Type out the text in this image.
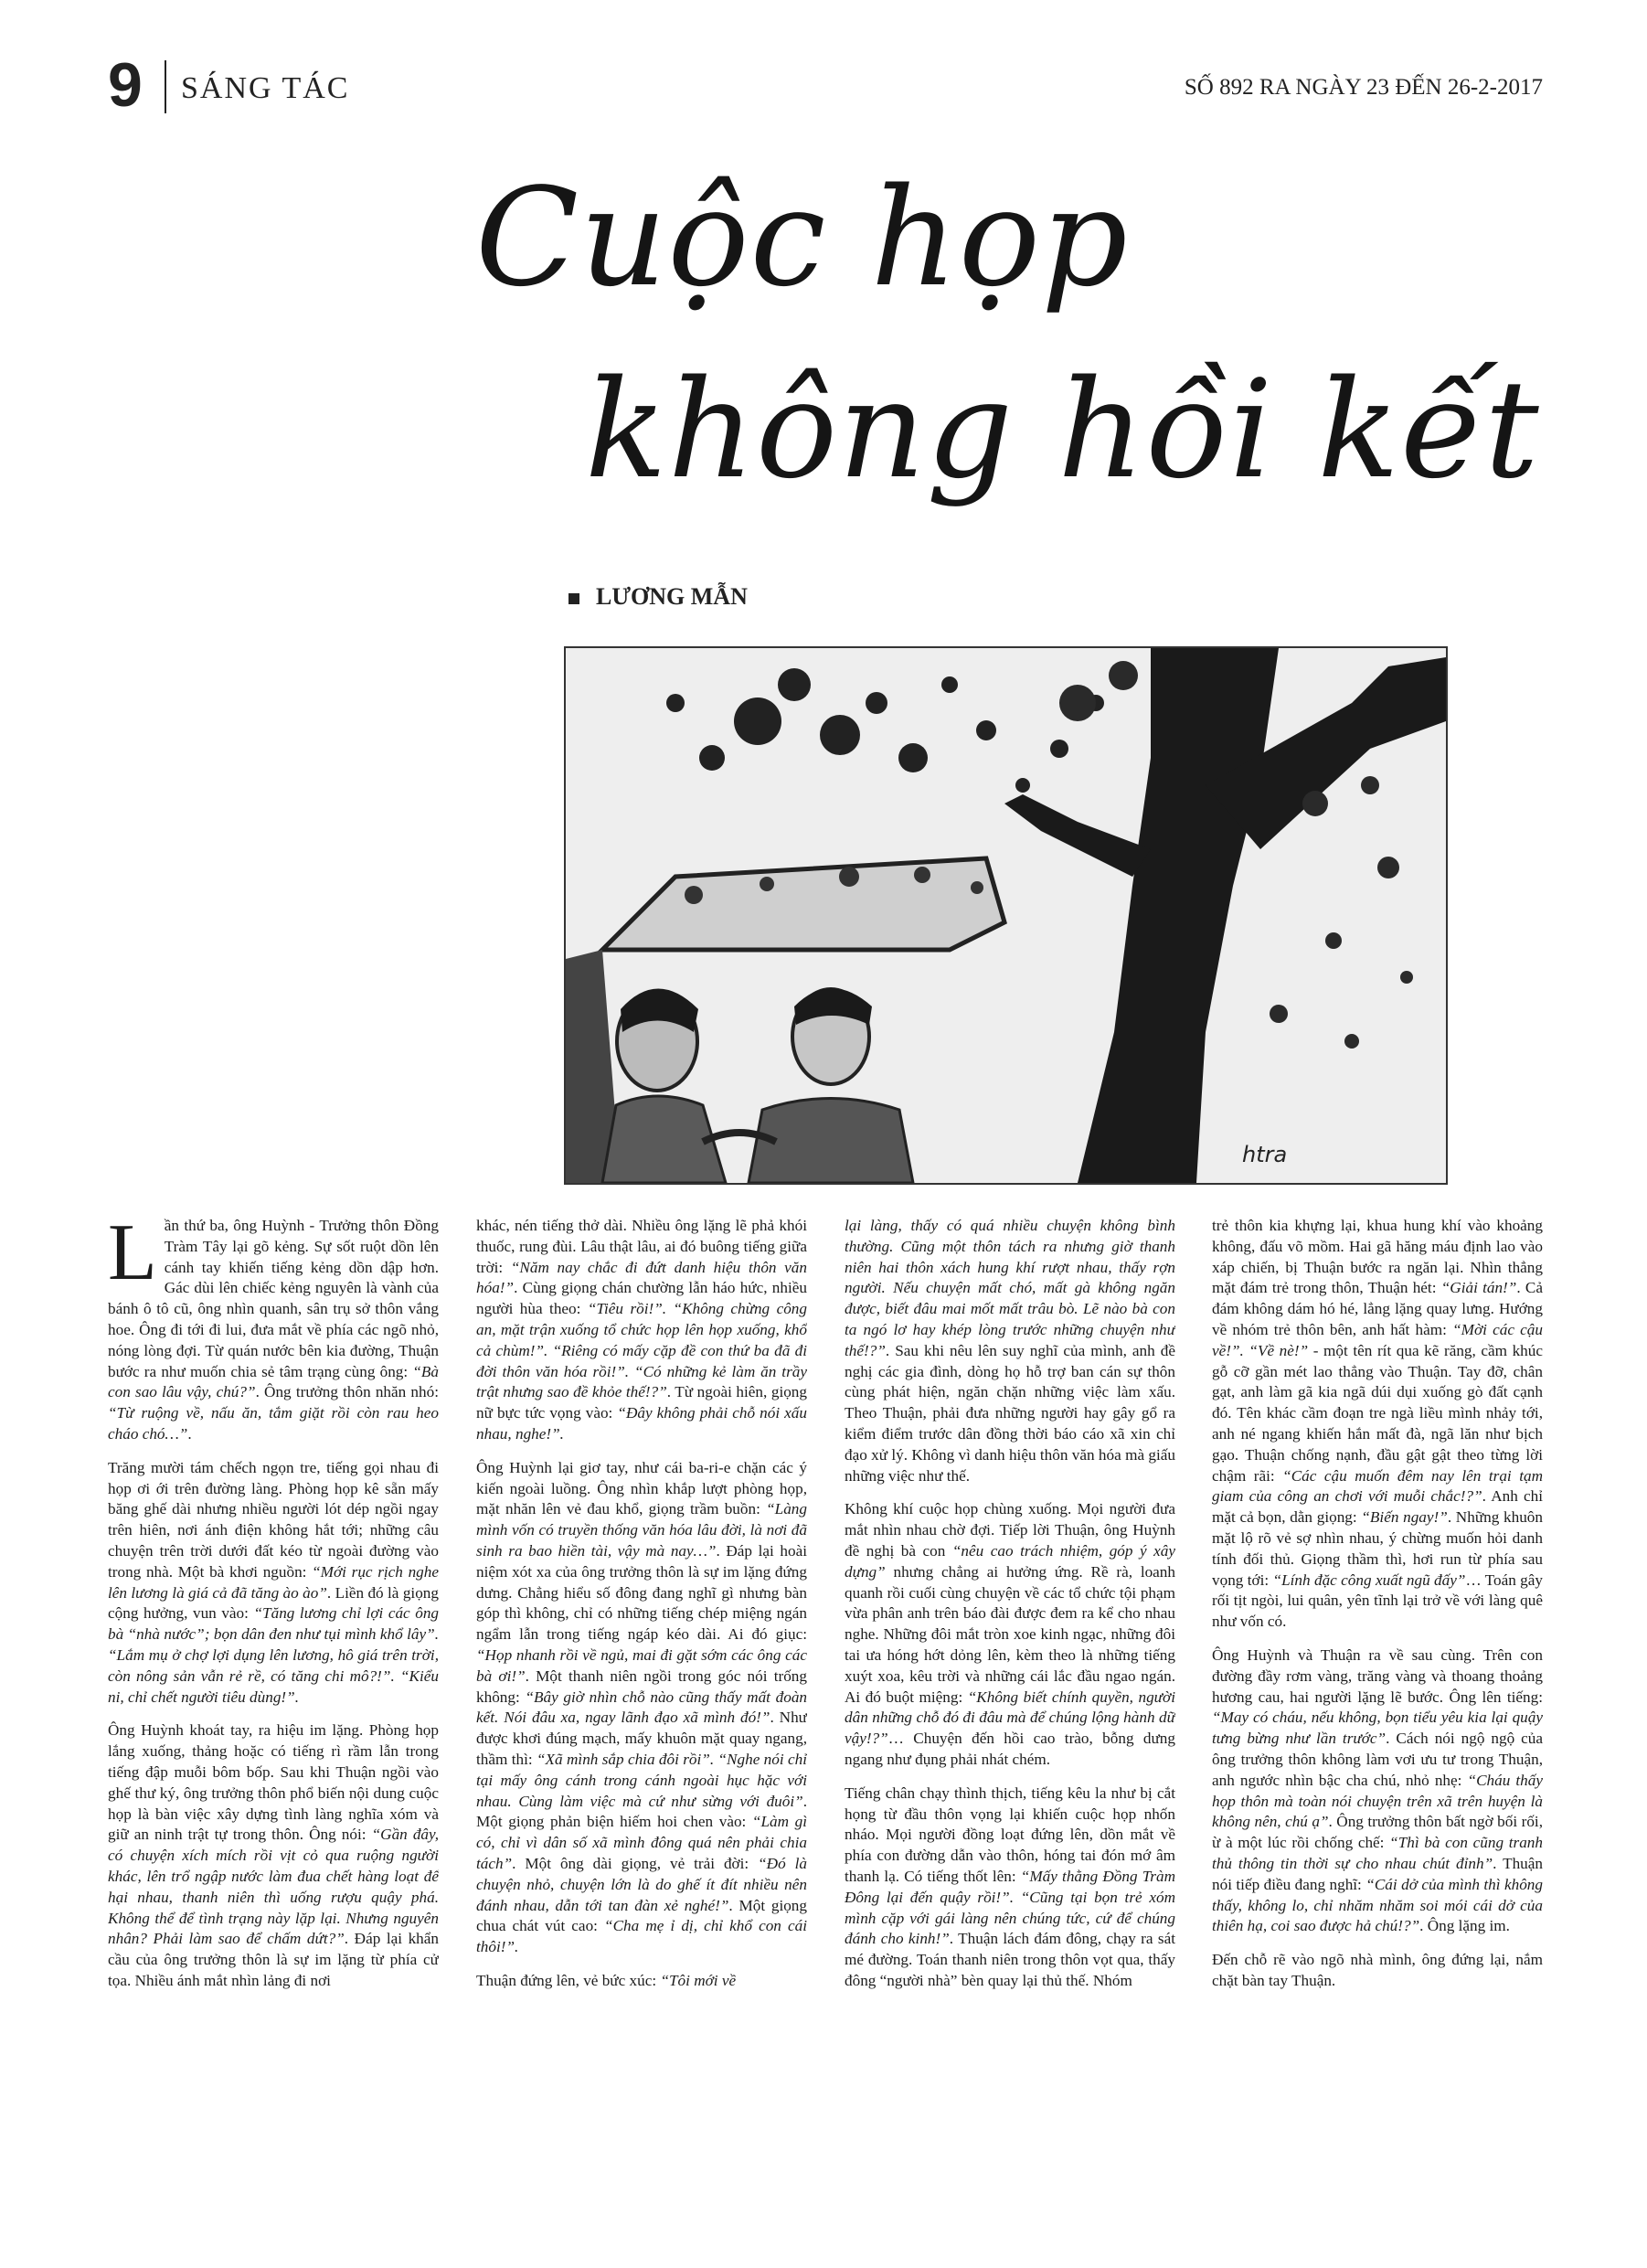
9 SÁNG TÁC	SỐ 892 RA NGÀY 23 ĐẾN 26-2-2017
Cuộc họp
không hồi kết
LƯƠNG MẪN
htra

Lần thứ ba, ông Huỳnh - Trưởng thôn Đồng Tràm Tây lại gõ kẻng. Sự sốt ruột dồn lên cánh tay khiến tiếng kẻng dồn dập hơn. Gác dùi lên chiếc kẻng nguyên là vành của bánh ô tô cũ, ông nhìn quanh, sân trụ sở thôn vắng hoe. Ông đi tới đi lui, đưa mắt về phía các ngõ nhỏ, nóng lòng đợi. Từ quán nước bên kia đường, Thuận bước ra như muốn chia sẻ tâm trạng cùng ông: “Bà con sao lâu vậy, chú?”. Ông trưởng thôn nhăn nhó: “Từ ruộng về, nấu ăn, tắm giặt rồi còn rau heo cháo chó…”.

Trăng mười tám chếch ngọn tre, tiếng gọi nhau đi họp ơi ới trên đường làng. Phòng họp kê sẵn mấy băng ghế dài nhưng nhiều người lót dép ngồi ngay trên hiên, nơi ánh điện không hắt tới; những câu chuyện trên trời dưới đất kéo từ ngoài đường vào trong nhà. Một bà khơi nguồn: “Mới rục rịch nghe lên lương là giá cả đã tăng ào ào”. Liền đó là giọng cộng hưởng, vun vào: “Tăng lương chỉ lợi các ông bà “nhà nước”; bọn dân đen như tụi mình khổ lây”. “Lắm mụ ở chợ lợi dụng lên lương, hô giá trên trời, còn nông sản vẫn rẻ rề, có tăng chi mô?!”. “Kiểu ni, chỉ chết người tiêu dùng!”.

Ông Huỳnh khoát tay, ra hiệu im lặng. Phòng họp lắng xuống, thảng hoặc có tiếng rì rầm lẫn trong tiếng đập muỗi bôm bốp. Sau khi Thuận ngồi vào ghế thư ký, ông trưởng thôn phổ biến nội dung cuộc họp là bàn việc xây dựng tình làng nghĩa xóm và giữ an ninh trật tự trong thôn. Ông nói: “Gần đây, có chuyện xích mích rồi vịt cỏ qua ruộng người khác, lên trổ ngập nước làm đua chết hàng loạt để hại nhau, thanh niên thì uống rượu quậy phá. Không thể để tình trạng này lặp lại. Nhưng nguyên nhân? Phải làm sao để chấm dứt?”. Đáp lại khẩn cầu của ông trưởng thôn là sự im lặng từ phía cử tọa. Nhiều ánh mắt nhìn lảng đi nơi

khác, nén tiếng thở dài. Nhiều ông lặng lẽ phả khói thuốc, rung đùi. Lâu thật lâu, ai đó buông tiếng giữa trời: “Năm nay chắc đi đứt danh hiệu thôn văn hóa!”. Cùng giọng chán chường lẫn háo hức, nhiều người hùa theo: “Tiêu rồi!”. “Không chừng công an, mặt trận xuống tổ chức họp lên họp xuống, khổ cả chùm!”. “Riêng có mấy cặp đề con thứ ba đã đi đời thôn văn hóa rồi!”. “Có những kẻ làm ăn trầy trật nhưng sao đề khỏe thế!?”. Từ ngoài hiên, giọng nữ bực tức vọng vào: “Đây không phải chỗ nói xấu nhau, nghe!”.

Ông Huỳnh lại giơ tay, như cái ba-ri-e chặn các ý kiến ngoài luồng. Ông nhìn khắp lượt phòng họp, mặt nhăn lên vẻ đau khổ, giọng trầm buồn: “Làng mình vốn có truyền thống văn hóa lâu đời, là nơi đã sinh ra bao hiền tài, vậy mà nay…”. Đáp lại hoài niệm xót xa của ông trưởng thôn là sự im lặng đứng dưng. Chẳng hiểu số đông đang nghĩ gì nhưng bàn góp thì không, chỉ có những tiếng chép miệng ngán ngẩm lẫn trong tiếng ngáp kéo dài. Ai đó giục: “Họp nhanh rồi về ngủ, mai đi gặt sớm các ông các bà ơi!”. Một thanh niên ngồi trong góc nói trống không: “Bây giờ nhìn chỗ nào cũng thấy mất đoàn kết. Nói đâu xa, ngay lãnh đạo xã mình đó!”. Như được khơi đúng mạch, mấy khuôn mặt quay ngang, thầm thì: “Xã mình sắp chia đôi rồi”. “Nghe nói chỉ tại mấy ông cánh trong cánh ngoài hục hặc với nhau. Cùng làm việc mà cứ như sừng với đuôi”. Một giọng phản biện hiếm hoi chen vào: “Làm gì có, chỉ vì dân số xã mình đông quá nên phải chia tách”. Một ông dài giọng, vẻ trải đời: “Đó là chuyện nhỏ, chuyện lớn là do ghế ít đít nhiều nên đánh nhau, dẫn tới tan đàn xẻ nghé!”. Một giọng chua chát vút cao: “Cha mẹ ỉ dị, chỉ khổ con cái thôi!”.

Thuận đứng lên, vẻ bức xúc: “Tôi mới về

lại làng, thấy có quá nhiều chuyện không bình thường. Cũng một thôn tách ra nhưng giờ thanh niên hai thôn xách hung khí rượt nhau, thấy rợn người. Nếu chuyện mất chó, mất gà không ngăn được, biết đâu mai mốt mất trâu bò. Lẽ nào bà con ta ngó lơ hay khép lòng trước những chuyện như thế!?”. Sau khi nêu lên suy nghĩ của mình, anh đề nghị các gia đình, dòng họ hỗ trợ ban cán sự thôn cùng phát hiện, ngăn chặn những việc làm xấu. Theo Thuận, phải đưa những người hay gây gổ ra kiểm điểm trước dân đồng thời báo cáo xã xin chỉ đạo xử lý. Không vì danh hiệu thôn văn hóa mà giấu những việc như thế.

Không khí cuộc họp chùng xuống. Mọi người đưa mắt nhìn nhau chờ đợi. Tiếp lời Thuận, ông Huỳnh đề nghị bà con “nêu cao trách nhiệm, góp ý xây dựng” nhưng chẳng ai hưởng ứng. Rề rà, loanh quanh rồi cuối cùng chuyện về các tổ chức tội phạm vừa phân anh trên báo đài được đem ra kể cho nhau nghe. Những đôi mắt tròn xoe kinh ngạc, những đôi tai ưa hóng hớt dỏng lên, kèm theo là những tiếng xuýt xoa, kêu trời và những cái lắc đầu ngao ngán. Ai đó buột miệng: “Không biết chính quyền, người dân những chỗ đó đi đâu mà để chúng lộng hành dữ vậy!?”… Chuyện đến hồi cao trào, bỗng dưng ngang như đụng phải nhát chém.

Tiếng chân chạy thình thịch, tiếng kêu la như bị cắt họng từ đầu thôn vọng lại khiến cuộc họp nhốn nháo. Mọi người đồng loạt đứng lên, dồn mắt về phía con đường dẫn vào thôn, hóng tai đón mớ âm thanh lạ. Có tiếng thốt lên: “Mấy thằng Đồng Tràm Đông lại đến quậy rồi!”. “Cũng tại bọn trẻ xóm mình cặp với gái làng nên chúng tức, cứ để chúng đánh cho kinh!”. Thuận lách đám đông, chạy ra sát mé đường. Toán thanh niên trong thôn vọt qua, thấy đông “người nhà” bèn quay lại thủ thế. Nhóm

trẻ thôn kia khựng lại, khua hung khí vào khoảng không, đấu võ mồm. Hai gã hăng máu định lao vào xáp chiến, bị Thuận bước ra ngăn lại. Nhìn thẳng mặt đám trẻ trong thôn, Thuận hét: “Giải tán!”. Cả đám không dám hó hé, lẳng lặng quay lưng. Hướng về nhóm trẻ thôn bên, anh hất hàm: “Mời các cậu về!”. “Về nè!” - một tên rít qua kẽ răng, cầm khúc gỗ cỡ gần mét lao thẳng vào Thuận. Tay đỡ, chân gạt, anh làm gã kia ngã dúi dụi xuống gò đất cạnh đó. Tên khác cầm đoạn tre ngà liều mình nhảy tới, anh né ngang khiến hắn mất đà, ngã lăn như bịch gạo. Thuận chống nạnh, đầu gật gật theo từng lời chậm rãi: “Các cậu muốn đêm nay lên trại tạm giam của công an chơi với muỗi chắc!?”. Anh chỉ mặt cả bọn, dằn giọng: “Biến ngay!”. Những khuôn mặt lộ rõ vẻ sợ nhìn nhau, ý chừng muốn hỏi danh tính đối thủ. Giọng thầm thì, hơi run từ phía sau vọng tới: “Lính đặc công xuất ngũ đấy”… Toán gây rối tịt ngòi, lui quân, yên tĩnh lại trở về với làng quê như vốn có.

Ông Huỳnh và Thuận ra về sau cùng. Trên con đường đầy rơm vàng, trăng vàng và thoang thoảng hương cau, hai người lặng lẽ bước. Ông lên tiếng: “May có cháu, nếu không, bọn tiểu yêu kia lại quậy tưng bừng như lần trước”. Cách nói ngộ ngộ của ông trưởng thôn không làm vơi ưu tư trong Thuận, anh ngước nhìn bậc cha chú, nhỏ nhẹ: “Cháu thấy họp thôn mà toàn nói chuyện trên xã trên huyện là không nên, chú ạ”. Ông trưởng thôn bất ngờ bối rối, ừ à một lúc rồi chống chế: “Thì bà con cũng tranh thủ thông tin thời sự cho nhau chút đỉnh”. Thuận nói tiếp điều đang nghĩ: “Cái dở của mình thì không thấy, không lo, chỉ nhăm nhăm soi mói cái dở của thiên hạ, coi sao được hả chú!?”. Ông lặng im.

Đến chỗ rẽ vào ngõ nhà mình, ông đứng lại, nắm chặt bàn tay Thuận.
